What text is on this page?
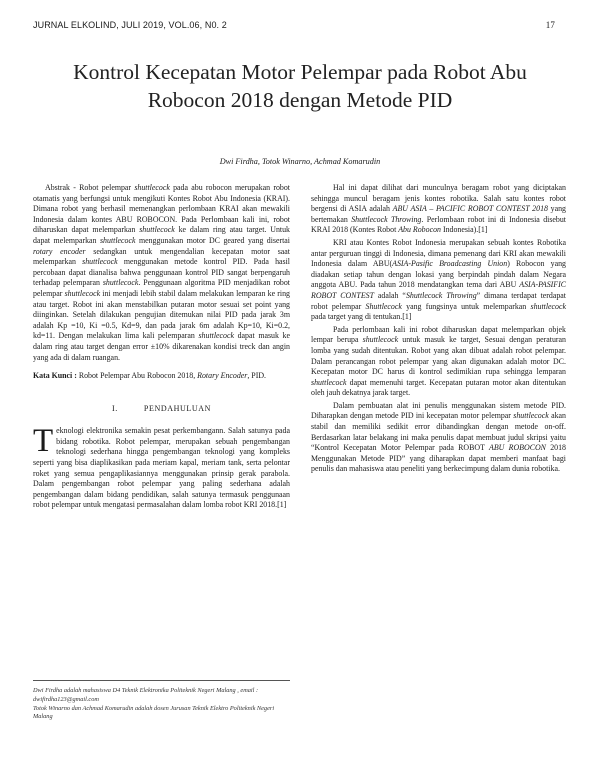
JURNAL ELKOLIND, JULI 2019, VOL.06, N0. 2	17
Kontrol Kecepatan Motor Pelempar pada Robot Abu
Robocon 2018 dengan Metode PID
Dwi Firdha, Totok Winarno, Achmad Komarudin

Abstrak - Robot pelempar shuttlecock pada abu robocon merupakan robot otamatis yang berfungsi untuk mengikuti Kontes Robot Abu Indonesia (KRAI). Dimana robot yang berhasil memenangkan perlombaan KRAI akan mewakili Indonesia dalam kontes ABU ROBOCON. Pada Perlombaan kali ini, robot diharuskan dapat melemparkan shuttlecock ke dalam ring atau target. Untuk dapat melemparkan shuttlecock menggunakan motor DC geared yang disertai rotary encoder sedangkan untuk mengendalian kecepatan motor saat melemparkan shuttlecock menggunakan metode kontrol PID. Pada hasil percobaan dapat dianalisa bahwa penggunaan kontrol PID sangat berpengaruh terhadap pelemparan shuttlecock. Penggunaan algoritma PID menjadikan robot pelempar shuttlecock ini menjadi lebih stabil dalam melakukan lemparan ke ring atau target. Robot ini akan menstabilkan putaran motor sesuai set point yang diinginkan. Setelah dilakukan pengujian ditemukan nilai PID pada jarak 3m adalah Kp =10, Ki =0.5, Kd=9, dan pada jarak 6m adalah Kp=10, Ki=0.2, kd=11. Dengan melakukan lima kali pelemparan shuttlecock dapat masuk ke dalam ring atau target dengan error ±10% dikarenakan kondisi treck dan angin yang ada di dalam ruangan.

Kata Kunci : Robot Pelempar Abu Robocon 2018, Rotary Encoder, PID.

I.	PENDAHULUAN

Teknologi elektronika semakin pesat perkembangann. Salah satunya pada bidang robotika. Robot pelempar, merupakan sebuah pengembangan teknologi sederhana hingga pengembangan teknologi yang kompleks seperti yang bisa diaplikasikan pada meriam kapal, meriam tank, serta pelontar roket yang semua pengaplikasiannya menggunakan prinsip gerak parabola. Dalam pengembangan robot pelempar yang paling sederhana adalah pengembangan dalam bidang pendidikan, salah satunya termasuk penggunaan robot pelempar untuk mengatasi permasalahan dalam lomba robot KRI 2018.[1]

Hal ini dapat dilihat dari munculnya beragam robot yang diciptakan sehingga muncul beragam jenis kontes robotika. Salah satu kontes robot bergensi di ASIA adalah ABU ASIA – PACIFIC ROBOT CONTEST 2018 yang bertemakan Shuttlecock Throwing. Perlombaan robot ini di Indonesia disebut KRAI 2018 (Kontes Robot Abu Robocon Indonesia).[1]

KRI atau Kontes Robot Indonesia merupakan sebuah kontes Robotika antar perguruan tinggi di Indonesia, dimana pemenang dari KRI akan mewakili Indonesia dalam ABU(ASIA-Pasific Broadcasting Union) Robocon yang diadakan setiap tahun dengan lokasi yang berpindah pindah dalam Negara anggota ABU. Pada tahun 2018 mendatangkan tema dari ABU ASIA-PASIFIC ROBOT CONTEST adalah “Shuttlecock Throwing” dimana terdapat terdapat robot pelempar Shuttlecock yang fungsinya untuk melemparkan shuttlecock pada target yang di tentukan.[1]

Pada perlombaan kali ini robot diharuskan dapat melemparkan objek lempar berupa shuttlecock untuk masuk ke target, Sesuai dengan peraturan lomba yang sudah ditentukan. Robot yang akan dibuat adalah robot pelempar. Dalam perancangan robot pelempar yang akan digunakan adalah motor DC. Kecepatan motor DC harus di kontrol sedimikian rupa sehingga lemparan shuttlecock dapat memenuhi target. Kecepatan putaran motor akan ditentukan oleh jauh dekatnya jarak target.

Dalam pembuatan alat ini penulis menggunakan sistem metode PID. Diharapkan dengan metode PID ini kecepatan motor pelempar shuttlecock akan stabil dan memiliki sedikit error dibandingkan dengan metode on-off. Berdasarkan latar belakang ini maka penulis dapat membuat judul skripsi yaitu “Kontrol Kecepatan Motor Pelempar pada ROBOT ABU ROBOCON 2018 Menggunakan Metode PID” yang diharapkan dapat memberi manfaat bagi penulis dan mahasiswa atau peneliti yang berkecimpung dalam dunia robotika.

Dwi Firdha adalah mahasiswa D4 Teknik Elektronika Politeknik Negeri Malang , email : dwifirdha123@gmail.com

Totok Winarno dan Achmad Komarudin adalah dosen Jurusan Teknik Elektro Politeknik Negeri Malang
